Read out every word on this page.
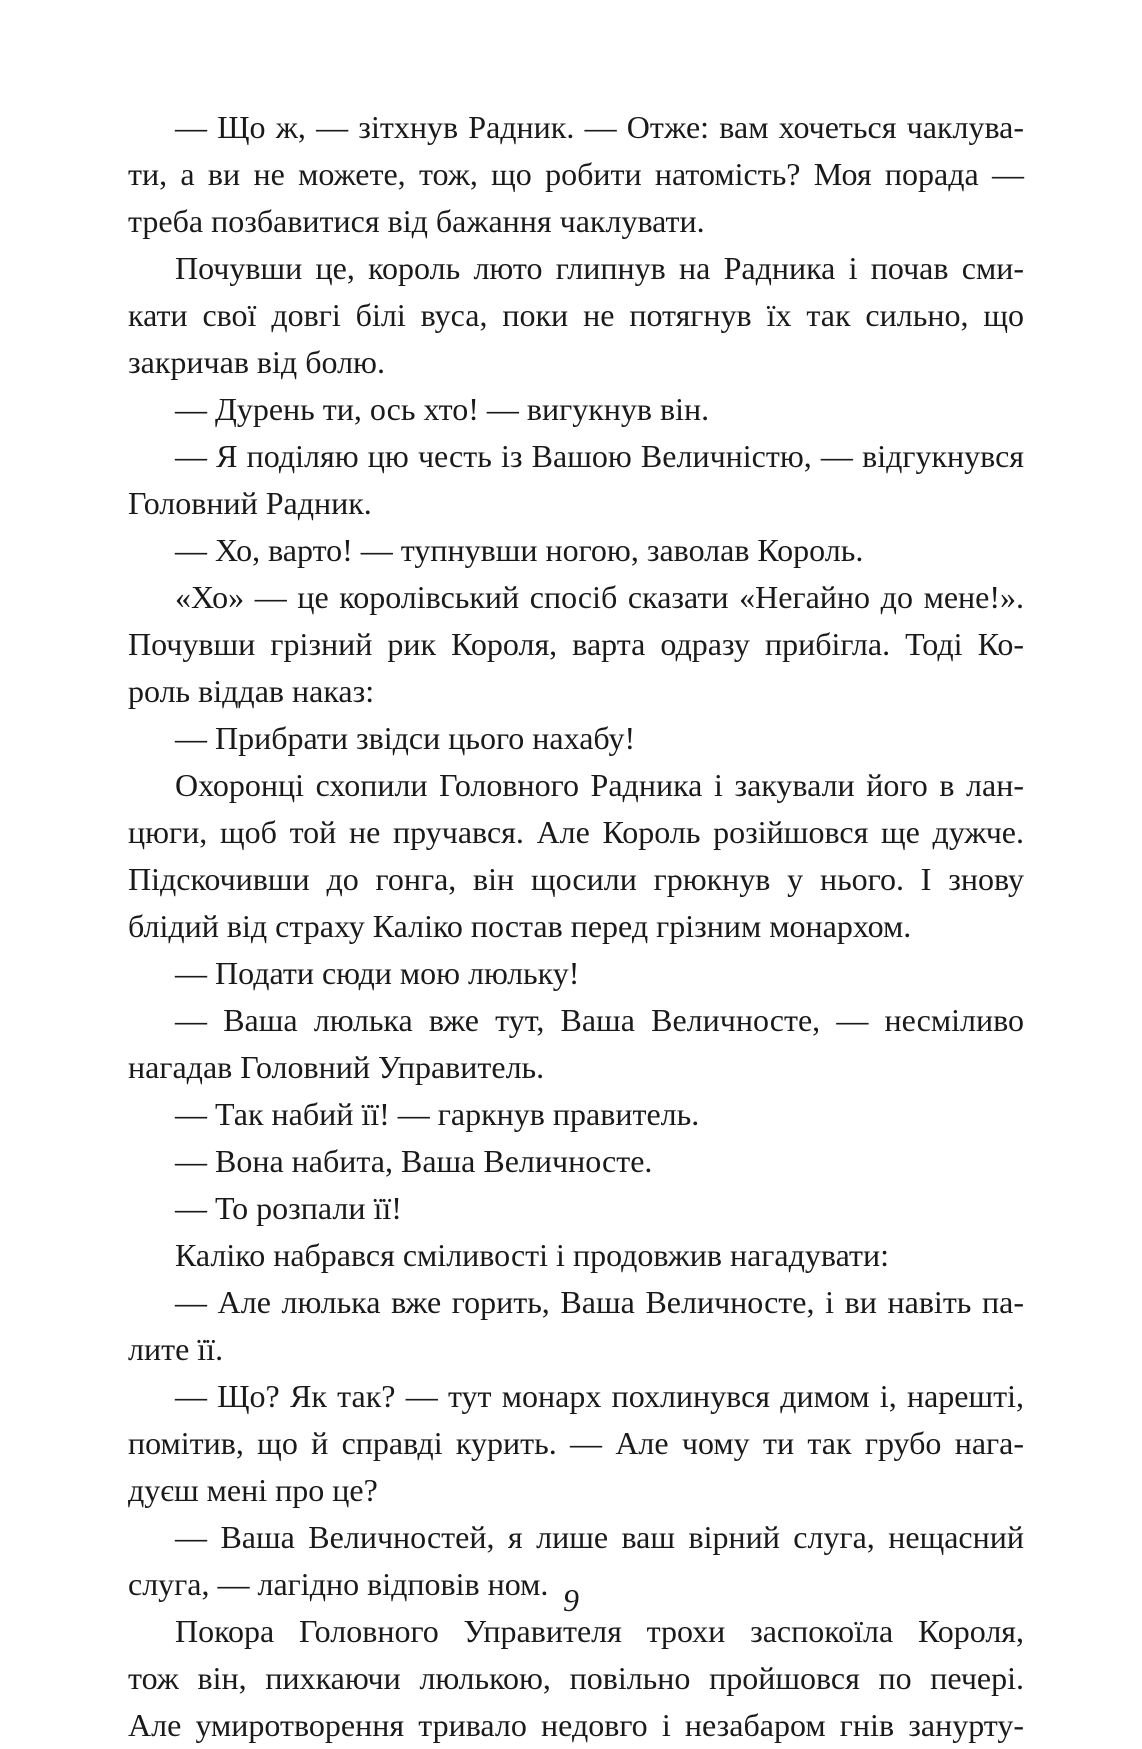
— Що ж, — зітхнув Радник. — Отже: вам хочеться чаклува-
ти, а ви не можете, тож, що робити натомість? Моя порада —
треба позбавитися від бажання чаклувати.
Почувши це, король люто глипнув на Радника і почав сми-
кати свої довгі білі вуса, поки не потягнув їх так сильно, що
закричав від болю.
— Дурень ти, ось хто! — вигукнув він.
— Я поділяю цю честь із Вашою Величністю, — відгукнувся
Головний Радник.
— Хо, варто! — тупнувши ногою, заволав Король.
«Хо» — це королівський спосіб сказати «Негайно до мене!».
Почувши грізний рик Короля, варта одразу прибігла. Тоді Ко-
роль віддав наказ:
— Прибрати звідси цього нахабу!
Охоронці схопили Головного Радника і закували його в лан-
цюги, щоб той не пручався. Але Король розійшовся ще дужче.
Підскочивши до гонга, він щосили грюкнув у нього. І знову
блідий від страху Каліко постав перед грізним монархом.
— Подати сюди мою люльку!
— Ваша люлька вже тут, Ваша Величносте, — несміливо
нагадав Головний Управитель.
— Так набий її! — гаркнув правитель.
— Вона набита, Ваша Величносте.
— То розпали її!
Каліко набрався сміливості і продовжив нагадувати:
— Але люлька вже горить, Ваша Величносте, і ви навіть па-
лите її.
— Що? Як так? — тут монарх похлинувся димом і, нарешті,
помітив, що й справді курить. — Але чому ти так грубо нага-
дуєш мені про це?
— Ваша Величностей, я лише ваш вірний слуга, нещасний
слуга, — лагідно відповів ном.
Покора Головного Управителя трохи заспокоїла Короля,
тож він, пихкаючи люлькою, повільно пройшовся по печері.
Але умиротворення тривало недовго і незабаром гнів занурту-
9
